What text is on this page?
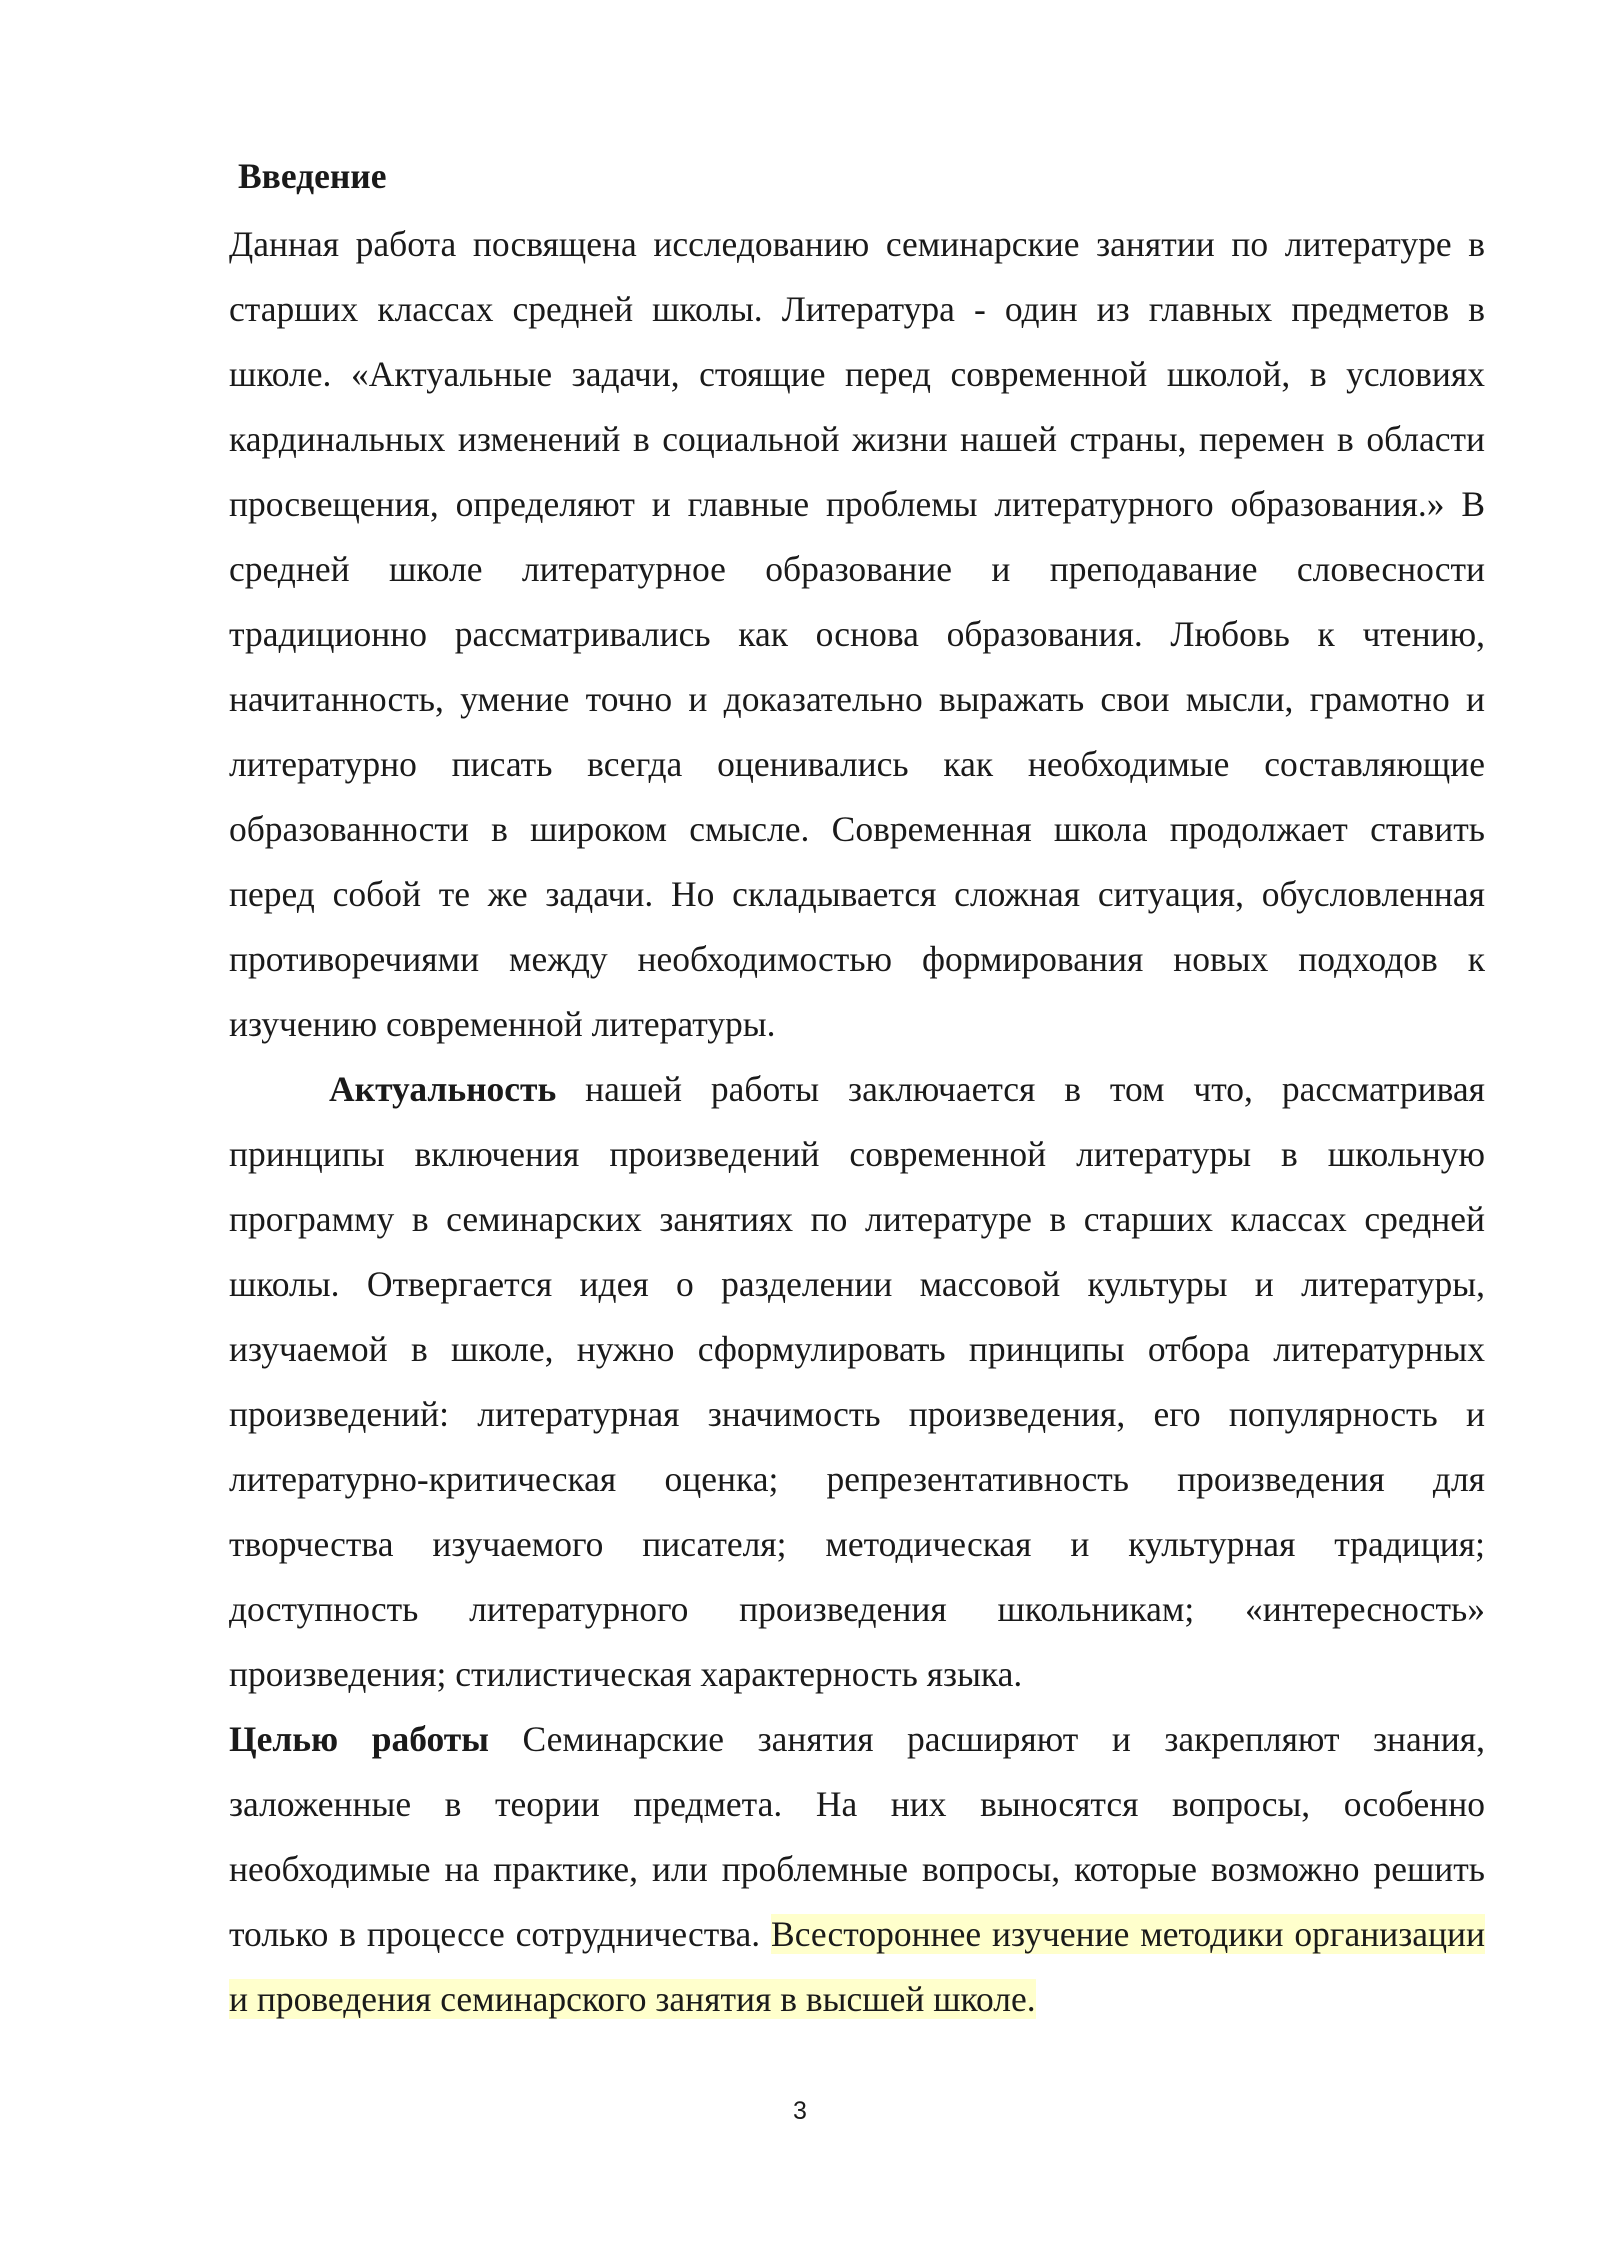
Введение

Данная работа посвящена исследованию семинарские занятии по литературе в старших классах средней школы. Литература - один из главных предметов в школе. «Актуальные задачи, стоящие перед современной школой, в условиях кардинальных изменений в социальной жизни нашей страны, перемен в области просвещения, определяют и главные проблемы литературного образования.» В средней школе литературное образование и преподавание словесности традиционно рассматривались как основа образования. Любовь к чтению, начитанность, умение точно и доказательно выражать свои мысли, грамотно и литературно писать всегда оценивались как необходимые составляющие образованности в широком смысле. Современная школа продолжает ставить перед собой те же задачи. Но складывается сложная ситуация, обусловленная противоречиями между необходимостью формирования новых подходов к изучению современной литературы.

Актуальность нашей работы заключается в том что, рассматривая принципы включения произведений современной литературы в школьную программу в семинарских занятиях по литературе в старших классах средней школы. Отвергается идея о разделении массовой культуры и литературы, изучаемой в школе, нужно сформулировать принципы отбора литературных произведений: литературная значимость произведения, его популярность и литературно-критическая оценка; репрезентативность произведения для творчества изучаемого писателя; методическая и культурная традиция; доступность литературного произведения школьникам; «интересность» произведения; стилистическая характерность языка.

Целью работы Семинарские занятия расширяют и закрепляют знания, заложенные в теории предмета. На них выносятся вопросы, особенно необходимые на практике, или проблемные вопросы, которые возможно решить только в процессе сотрудничества. Всестороннее изучение методики организации и проведения семинарского занятия в высшей школе.

3
